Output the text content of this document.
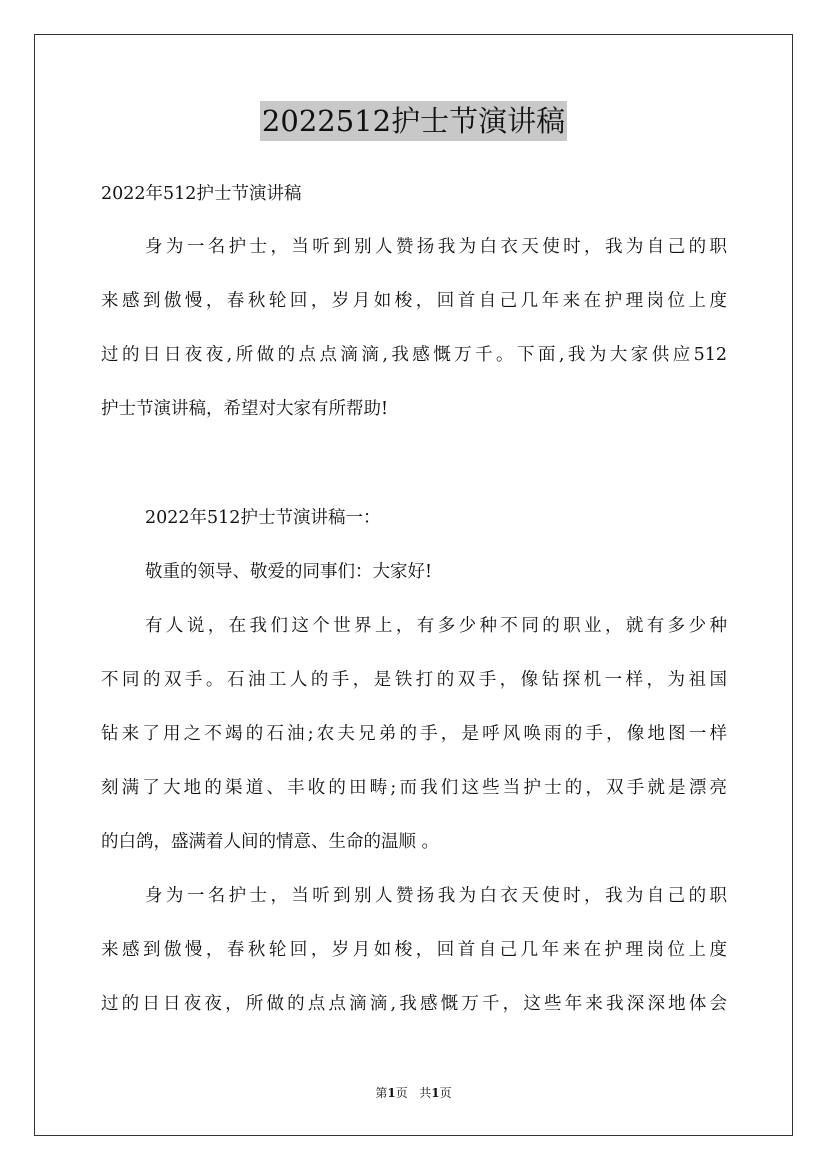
2022512护士节演讲稿
2022年512护士节演讲稿
身为一名护士，当听到别人赞扬我为白衣天使时，我为自己的职
来感到傲慢，春秋轮回，岁月如梭，回首自己几年来在护理岗位上度
过的日日夜夜,所做的点点滴滴,我感慨万千。下面,我为大家供应512
护士节演讲稿，希望对大家有所帮助!
2022年512护士节演讲稿一：
敬重的领导、敬爱的同事们：大家好!
有人说，在我们这个世界上，有多少种不同的职业，就有多少种
不同的双手。石油工人的手，是铁打的双手，像钻探机一样，为祖国
钻来了用之不竭的石油;农夫兄弟的手，是呼风唤雨的手，像地图一样
刻满了大地的渠道、丰收的田畴;而我们这些当护士的，双手就是漂亮
的白鸽，盛满着人间的情意、生命的温顺 。
身为一名护士，当听到别人赞扬我为白衣天使时，我为自己的职
来感到傲慢，春秋轮回，岁月如梭，回首自己几年来在护理岗位上度
过的日日夜夜，所做的点点滴滴,我感慨万千，这些年来我深深地体会
第1页   共1页
